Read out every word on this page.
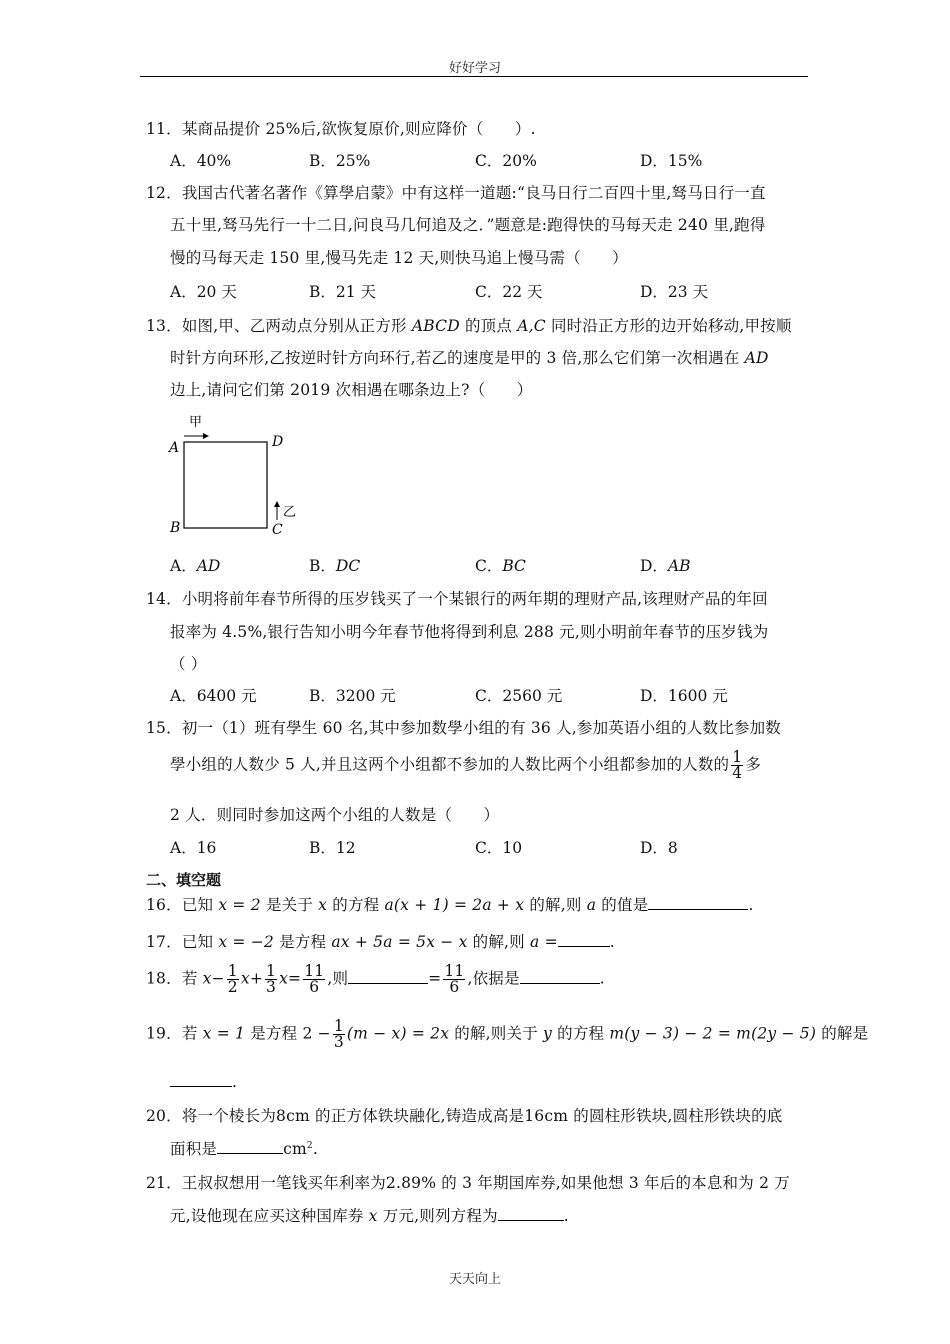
好好学习
11．某商品提价 25%后,欲恢复原价,则应降价（　　）.
A．40%	B．25%	C．20%	D．15%
12．我国古代著名著作《算學启蒙》中有这样一道题:“良马日行二百四十里,驽马日行一直
五十里,驽马先行一十二日,问良马几何追及之．”题意是:跑得快的马每天走 240 里,跑得
慢的马每天走 150 里,慢马先走 12 天,则快马追上慢马需（　　）
A．20 天	B．21 天	C．22 天	D．23 天
13．如图,甲、乙两动点分别从正方形 ABCD 的顶点 A,C 同时沿正方形的边开始移动,甲按顺
时针方向环形,乙按逆时针方向环行,若乙的速度是甲的 3 倍,那么它们第一次相遇在 AD
边上,请问它们第 2019 次相遇在哪条边上?（　　）
甲
A	D
B	C
乙
A．AD	B．DC	C．BC	D．AB
14．小明将前年春节所得的压岁钱买了一个某银行的两年期的理财产品,该理财产品的年回
报率为 4.5%,银行告知小明今年春节他将得到利息 288 元,则小明前年春节的压岁钱为
（ ）
A．6400 元	B．3200 元	C．2560 元	D．1600 元
15．初一（1）班有學生 60 名,其中参加数學小组的有 36 人,参加英语小组的人数比参加数
學小组的人数少 5 人,并且这两个小组都不参加的人数比两个小组都参加的人数的 $\frac{1}{4}$ 多
2 人．则同时参加这两个小组的人数是（　　）
A．16	B．12	C．10	D．8
二、填空题
16．已知 x = 2 是关于 x 的方程 a(x + 1) = 2a + x 的解,则 a 的值是	.
17．已知 x = −2 是方程 ax + 5a = 5x − x 的解,则 a =	.
18．若 $x- \frac{1}{2} x+ \frac{1}{3} x= \frac{11}{6}$ ,则	= $\frac{11}{6}$ ,依据是	.
19．若 x = 1 是方程 $2 - \frac{1}{3} (m - x) = 2x$ 的解,则关于 y 的方程 m(y − 3) − 2 = m(2y − 5) 的解是
.
20．将一个棱长为8cm 的正方体铁块融化,铸造成高是16cm 的圆柱形铁块,圆柱形铁块的底
面积是	$cm^2$.
21．王叔叔想用一笔钱买年利率为2.89% 的 3 年期国库券,如果他想 3 年后的本息和为 2 万
元,设他现在应买这种国库券 x 万元,则列方程为	.
天天向上
